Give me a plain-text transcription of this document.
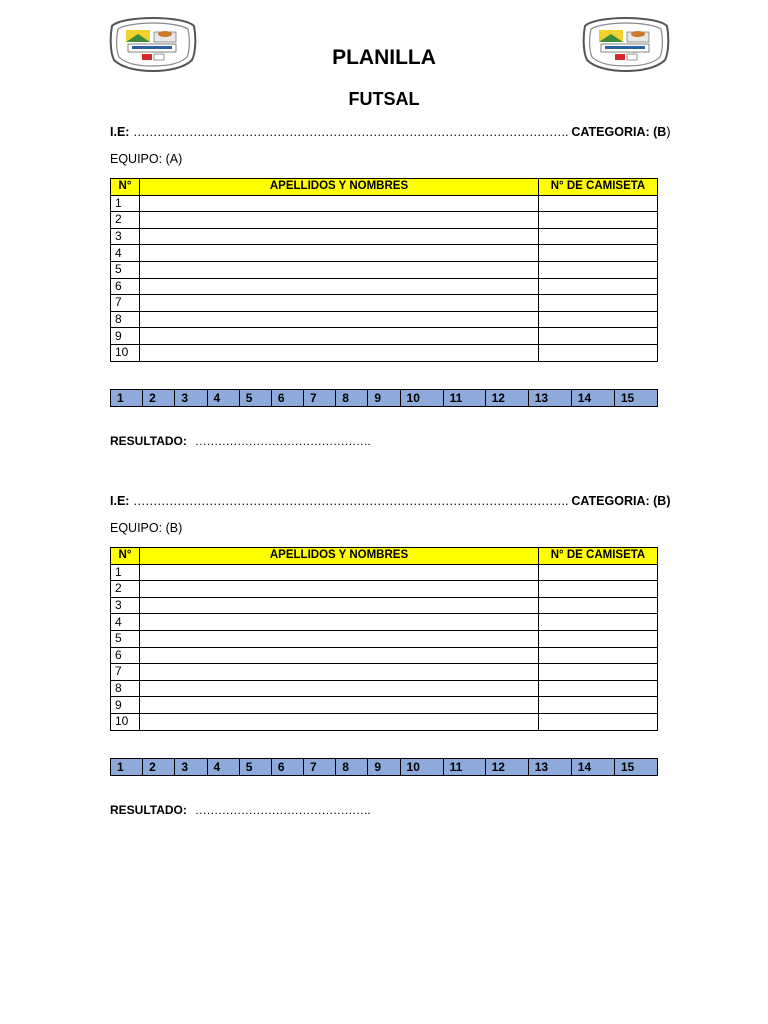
PLANILLA
FUTSAL
I.E:
……………………………………………………………………………………………….
CATEGORIA: ( B )
EQUIPO: (A)
N°	APELLIDOS Y NOMBRES	N° DE CAMISETA
1		
2		
3		
4		
5		
6		
7		
8		
9		
10		
1	2	3	4	5	6	7	8	9	10	11	12	13	14	15
RESULTADO: ……………………………………….
I.E:
……………………………………………………………………………………………….
CATEGORIA: ( B )
EQUIPO: (B)
N°	APELLIDOS Y NOMBRES	N° DE CAMISETA
1		
2		
3		
4		
5		
6		
7		
8		
9		
10		
1	2	3	4	5	6	7	8	9	10	11	12	13	14	15
RESULTADO: ……………………………………….
